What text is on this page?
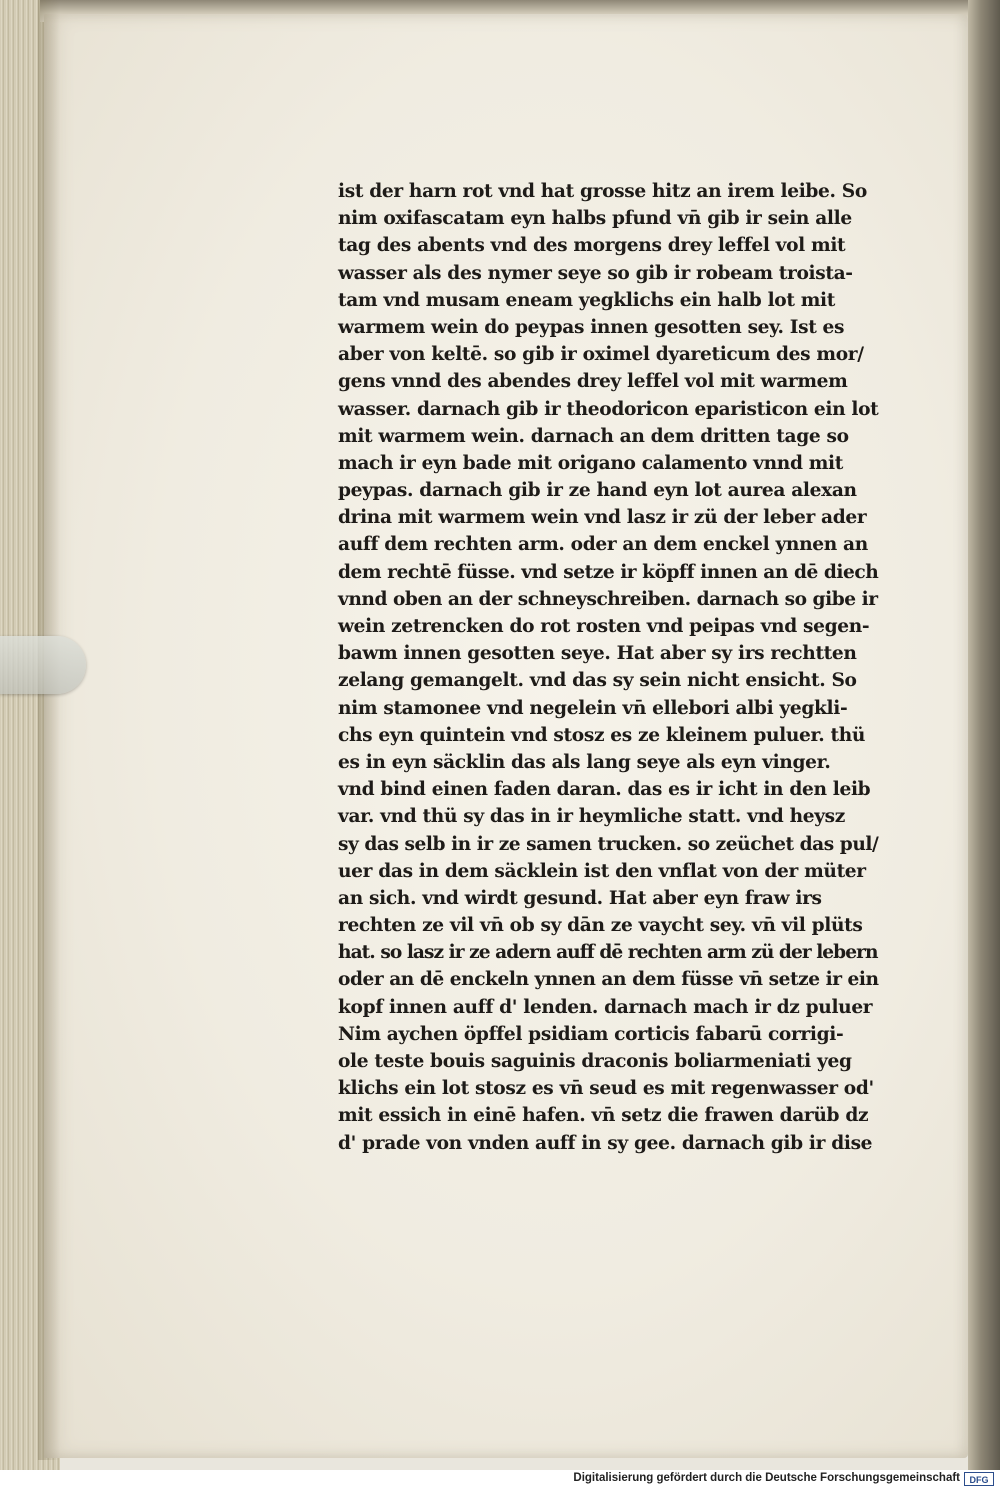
ist der harn rot vnd hat grosse hitz an irem leibe. So
nim oxifascatam eyn halbs pfund vn̄ gib ir sein alle
tag des abents vnd des morgens drey leffel vol mit
wasser als des nymer seye so gib ir robeam troista-
tam vnd musam eneam yegklichs ein halb lot mit
warmem wein do peypas innen gesotten sey. Ist es
aber von keltē. so gib ir oximel dyareticum des mor/
gens vnnd des abendes drey leffel vol mit warmem
wasser. darnach gib ir theodoricon eparisticon ein lot
mit warmem wein. darnach an dem dritten tage so
mach ir eyn bade mit origano calamento vnnd mit
peypas. darnach gib ir ze hand eyn lot aurea alexan
drina mit warmem wein vnd lasz ir zü der leber ader
auff dem rechten arm. oder an dem enckel ynnen an
dem rechtē füsse. vnd setze ir köpff innen an dē diech
vnnd oben an der schneyschreiben. darnach so gibe ir
wein zetrencken do rot rosten vnd peipas vnd segen-
bawm innen gesotten seye. Hat aber sy irs rechtten
zelang gemangelt. vnd das sy sein nicht ensicht. So
nim stamonee vnd negelein vn̄ ellebori albi yegkli-
chs eyn quintein vnd stosz es ze kleinem puluer. thü
es in eyn säcklin das als lang seye als eyn vinger.
vnd bind einen faden daran. das es ir icht in den leib
var. vnd thü sy das in ir heymliche statt. vnd heysz
sy das selb in ir ze samen trucken. so zeüchet das pul/
uer das in dem säcklein ist den vnflat von der müter
an sich. vnd wirdt gesund. Hat aber eyn fraw irs
rechten ze vil vn̄ ob sy dān ze vaycht sey. vn̄ vil plüts
hat. so lasz ir ze adern auff dē rechten arm zü der lebern
oder an dē enckeln ynnen an dem füsse vn̄ setze ir ein
kopf innen auff d' lenden. darnach mach ir dz puluer
Nim aychen öpffel psidiam corticis fabarū corrigi-
ole teste bouis saguinis draconis boliarmeniati yeg
klichs ein lot stosz es vn̄ seud es mit regenwasser od'
mit essich in einē hafen. vn̄ setz die frawen darüb dz
d' prade von vnden auff in sy gee. darnach gib ir dise
Digitalisierung gefördert durch die Deutsche Forschungsgemeinschaft	DFG
